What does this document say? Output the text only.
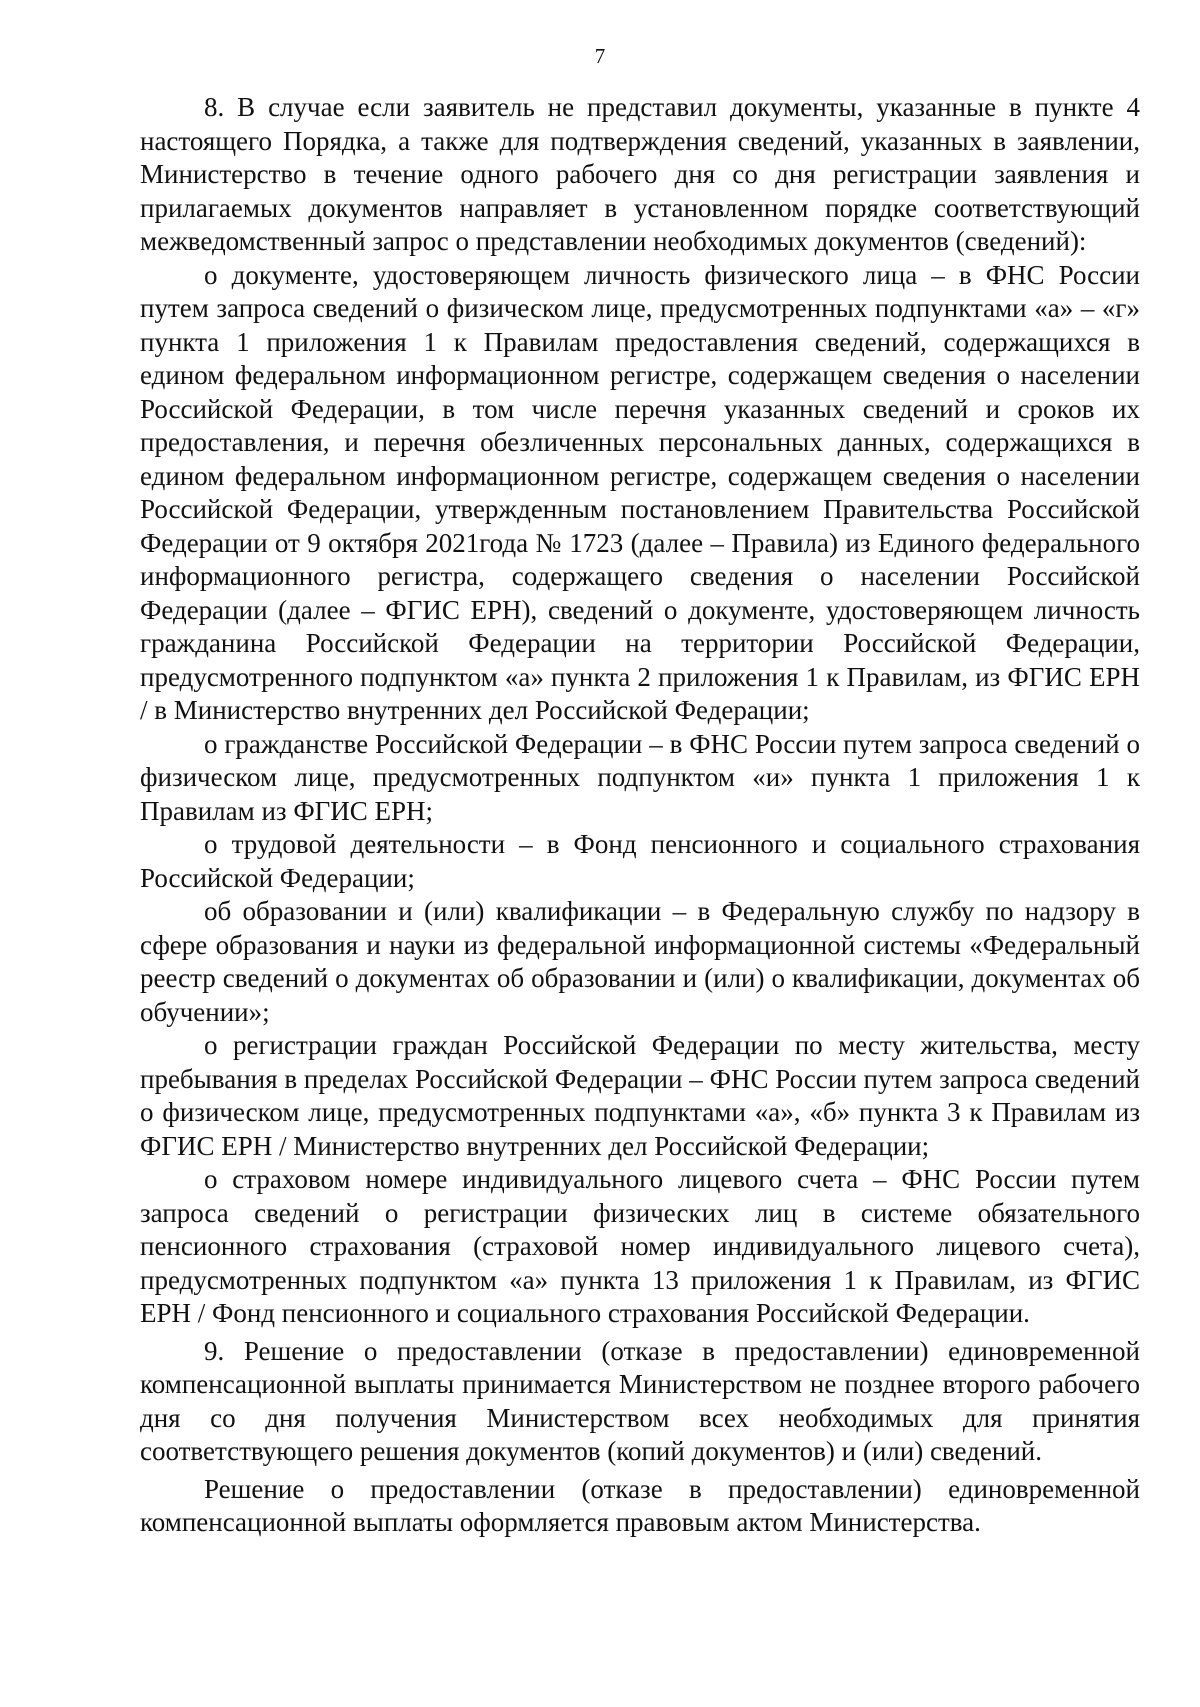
7

8. В случае если заявитель не представил документы, указанные в пункте 4 настоящего Порядка, а также для подтверждения сведений, указанных в заявлении, Министерство в течение одного рабочего дня со дня регистрации заявления и прилагаемых документов направляет в установленном порядке соответствующий межведомственный запрос о представлении необходимых документов (сведений):

о документе, удостоверяющем личность физического лица – в ФНС России путем запроса сведений о физическом лице, предусмотренных подпунктами «а» – «г» пункта 1 приложения 1 к Правилам предоставления сведений, содержащихся в едином федеральном информационном регистре, содержащем сведения о населении Российской Федерации, в том числе перечня указанных сведений и сроков их предоставления, и перечня обезличенных персональных данных, содержащихся в едином федеральном информационном регистре, содержащем сведения о населении Российской Федерации, утвержденным постановлением Правительства Российской Федерации от 9 октября 2021года № 1723 (далее – Правила) из Единого федерального информационного регистра, содержащего сведения о населении Российской Федерации (далее – ФГИС ЕРН), сведений о документе, удостоверяющем личность гражданина Российской Федерации на территории Российской Федерации, предусмотренного подпунктом «а» пункта 2 приложения 1 к Правилам, из ФГИС ЕРН / в Министерство внутренних дел Российской Федерации;

о гражданстве Российской Федерации – в ФНС России путем запроса сведений о физическом лице, предусмотренных подпунктом «и» пункта 1 приложения 1 к Правилам из ФГИС ЕРН;

о трудовой деятельности – в Фонд пенсионного и социального страхования Российской Федерации;

об образовании и (или) квалификации – в Федеральную службу по надзору в сфере образования и науки из федеральной информационной системы «Федеральный реестр сведений о документах об образовании и (или) о квалификации, документах об обучении»;

о регистрации граждан Российской Федерации по месту жительства, месту пребывания в пределах Российской Федерации – ФНС России путем запроса сведений о физическом лице, предусмотренных подпунктами «а», «б» пункта 3 к Правилам из ФГИС ЕРН / Министерство внутренних дел Российской Федерации;

о страховом номере индивидуального лицевого счета – ФНС России путем запроса сведений о регистрации физических лиц в системе обязательного пенсионного страхования (страховой номер индивидуального лицевого счета), предусмотренных подпунктом «а» пункта 13 приложения 1 к Правилам, из ФГИС ЕРН / Фонд пенсионного и социального страхования Российской Федерации.

9. Решение о предоставлении (отказе в предоставлении) единовременной компенсационной выплаты принимается Министерством не позднее второго рабочего дня со дня получения Министерством всех необходимых для принятия соответствующего решения документов (копий документов) и (или) сведений.

Решение о предоставлении (отказе в предоставлении) единовременной компенсационной выплаты оформляется правовым актом Министерства.
